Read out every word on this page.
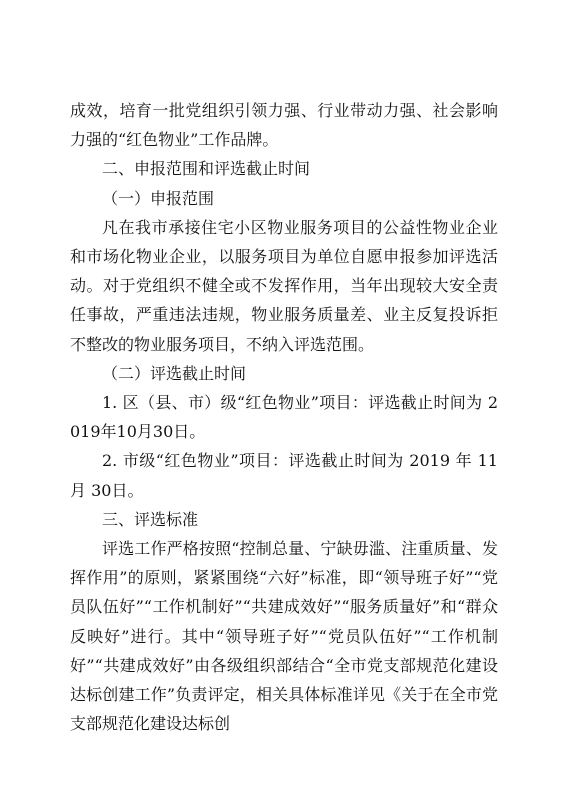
成效，培育一批党组织引领力强、行业带动力强、社会影响力强的“红色物业”工作品牌。

二、申报范围和评选截止时间

（一）申报范围

凡在我市承接住宅小区物业服务项目的公益性物业企业和市场化物业企业，以服务项目为单位自愿申报参加评选活动。对于党组织不健全或不发挥作用，当年出现较大安全责任事故，严重违法违规，物业服务质量差、业主反复投诉拒不整改的物业服务项目，不纳入评选范围。

（二）评选截止时间

1. 区（县、市）级“红色物业”项目：评选截止时间为 2019年10月30日。

2. 市级“红色物业”项目：评选截止时间为 2019 年 11 月 30日。

三、评选标准

评选工作严格按照“控制总量、宁缺毋滥、注重质量、发挥作用”的原则，紧紧围绕“六好”标准，即“领导班子好”“党员队伍好”“工作机制好”“共建成效好”“服务质量好”和“群众反映好”进行。其中“领导班子好”“党员队伍好”“工作机制好”“共建成效好”由各级组织部结合“全市党支部规范化建设达标创建工作”负责评定，相关具体标准详见《关于在全市党支部规范化建设达标创
